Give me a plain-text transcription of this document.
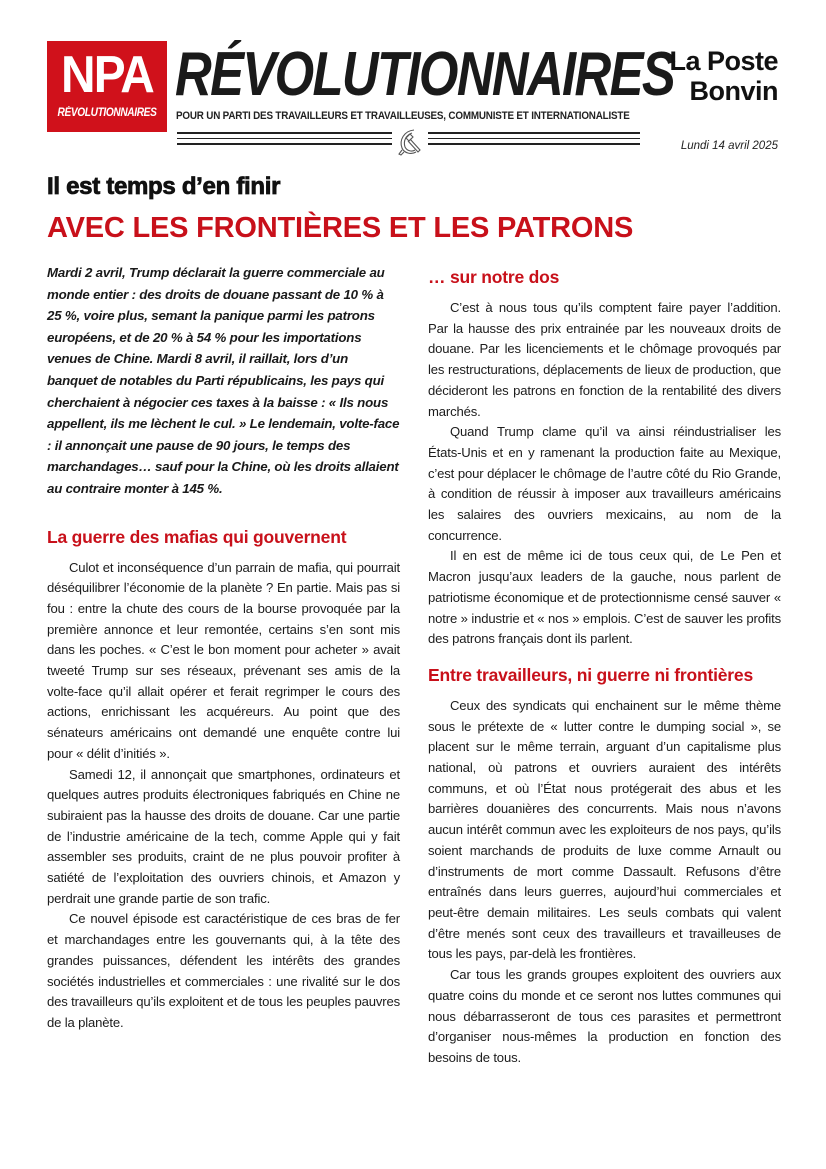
NPA
RÉVOLUTIONNAIRES
RÉVOLUTIONNAIRES
POUR UN PARTI DES TRAVAILLEURS ET TRAVAILLEUSES, COMMUNISTE ET INTERNATIONALISTE
La Poste
Bonvin
Lundi 14 avril 2025
Il est temps d’en finir
AVEC LES FRONTIÈRES ET LES PATRONS

Mardi 2 avril, Trump déclarait la guerre commerciale au monde entier : des droits de douane passant de 10 % à 25 %, voire plus, semant la panique parmi les patrons européens, et de 20 % à 54 % pour les importations venues de Chine. Mardi 8 avril, il raillait, lors d’un banquet de notables du Parti républicains, les pays qui cherchaient à négocier ces taxes à la baisse : « Ils nous appellent, ils me lèchent le cul. » Le lendemain, volte-face : il annonçait une pause de 90 jours, le temps des marchandages… sauf pour la Chine, où les droits allaient au contraire monter à 145 %.

La guerre des mafias qui gouvernent

Culot et inconséquence d’un parrain de mafia, qui pourrait déséquilibrer l’économie de la planète ? En partie. Mais pas si fou : entre la chute des cours de la bourse provoquée par la première annonce et leur remontée, certains s’en sont mis dans les poches. « C’est le bon moment pour acheter » avait tweeté Trump sur ses réseaux, prévenant ses amis de la volte-face qu’il allait opérer et ferait regrimper le cours des actions, enrichissant les acquéreurs. Au point que des sénateurs américains ont demandé une enquête contre lui pour « délit d’initiés ».

Samedi 12, il annonçait que smartphones, ordinateurs et quelques autres produits électroniques fabriqués en Chine ne subiraient pas la hausse des droits de douane. Car une partie de l’industrie américaine de la tech, comme Apple qui y fait assembler ses produits, craint de ne plus pouvoir profiter à satiété de l’exploitation des ouvriers chinois, et Amazon y perdrait une grande partie de son trafic.

Ce nouvel épisode est caractéristique de ces bras de fer et marchandages entre les gouvernants qui, à la tête des grandes puissances, défendent les intérêts des grandes sociétés industrielles et commerciales : une rivalité sur le dos des travailleurs qu’ils exploitent et de tous les peuples pauvres de la planète.

… sur notre dos

C’est à nous tous qu’ils comptent faire payer l’addition. Par la hausse des prix entrainée par les nouveaux droits de douane. Par les licenciements et le chômage provoqués par les restructurations, déplacements de lieux de production, que décideront les patrons en fonction de la rentabilité des divers marchés.

Quand Trump clame qu’il va ainsi réindustrialiser les États-Unis et en y ramenant la production faite au Mexique, c’est pour déplacer le chômage de l’autre côté du Rio Grande, à condition de réussir à imposer aux travailleurs américains les salaires des ouvriers mexicains, au nom de la concurrence.

Il en est de même ici de tous ceux qui, de Le Pen et Macron jusqu’aux leaders de la gauche, nous parlent de patriotisme économique et de protectionnisme censé sauver « notre » industrie et « nos » emplois. C’est de sauver les profits des patrons français dont ils parlent.

Entre travailleurs, ni guerre ni frontières

Ceux des syndicats qui enchainent sur le même thème sous le prétexte de « lutter contre le dumping social », se placent sur le même terrain, arguant d’un capitalisme plus national, où patrons et ouvriers auraient des intérêts communs, et où l’État nous protégerait des abus et les barrières douanières des concurrents. Mais nous n’avons aucun intérêt commun avec les exploiteurs de nos pays, qu’ils soient marchands de produits de luxe comme Arnault ou d’instruments de mort comme Dassault. Refusons d’être entraînés dans leurs guerres, aujourd’hui commerciales et peut-être demain militaires. Les seuls combats qui valent d’être menés sont ceux des travailleurs et travailleuses de tous les pays, par-delà les frontières.

Car tous les grands groupes exploitent des ouvriers aux quatre coins du monde et ce seront nos luttes communes qui nous débarrasseront de tous ces parasites et permettront d’organiser nous-mêmes la production en fonction des besoins de tous.
